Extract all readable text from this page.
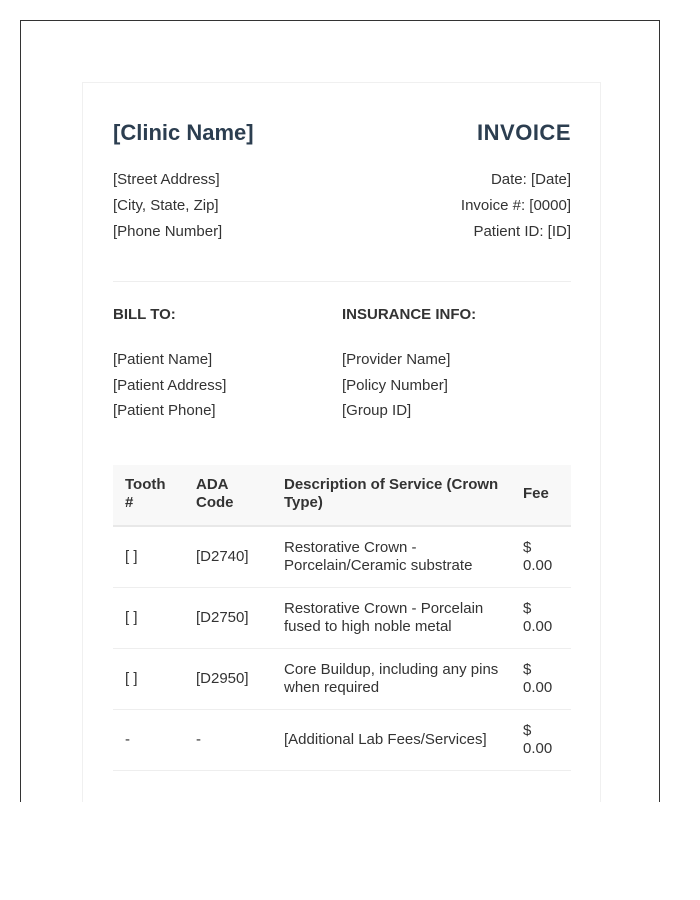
[Clinic Name]	INVOICE
[Street Address]
[City, State, Zip]
[Phone Number]
Date: [Date]
Invoice #: [0000]
Patient ID: [ID]
BILL TO:
[Patient Name]
[Patient Address]
[Patient Phone]
INSURANCE INFO:
[Provider Name]
[Policy Number]
[Group ID]
Tooth #	ADA Code	Description of Service (Crown Type)	Fee
[ ]	[D2740]	Restorative Crown - Porcelain/Ceramic substrate	$ 0.00
[ ]	[D2750]	Restorative Crown - Porcelain fused to high noble metal	$ 0.00
[ ]	[D2950]	Core Buildup, including any pins when required	$ 0.00
-	-	[Additional Lab Fees/Services]	$ 0.00
